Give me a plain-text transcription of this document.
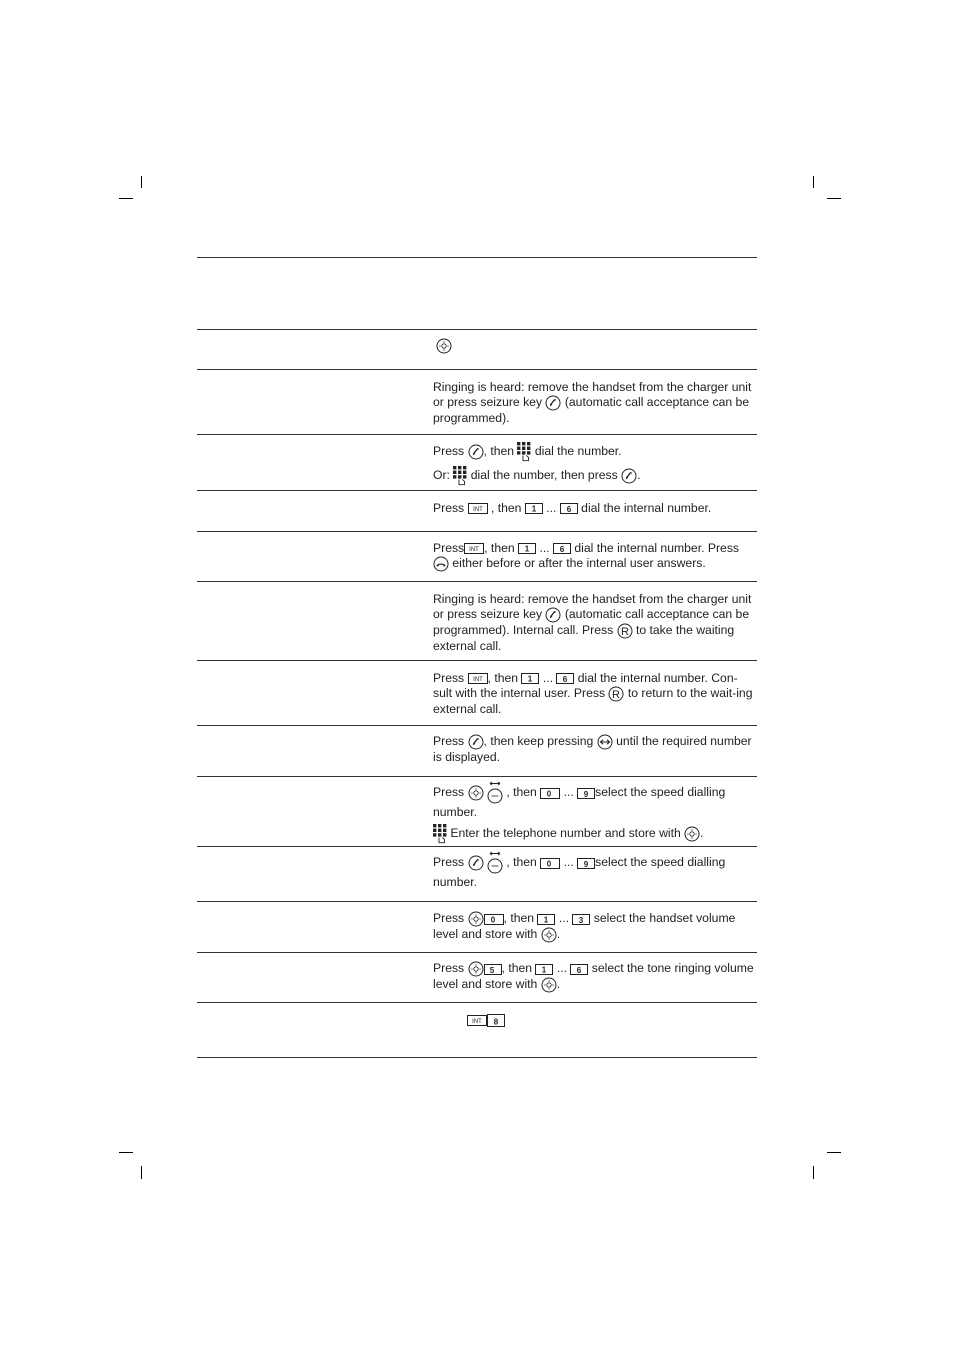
Ringing is heard: remove the handset from the charger unit or press seizure key (automatic call acceptance can be programmed).

Press , then dial the number.

Or: dial the number, then press .

Press INT , then 1 ... 6 dial the internal number.

Press INT , then 1 ... 6 dial the internal number. Press
either before or after the internal user answers.

Ringing is heard: remove the handset from the charger unit or press seizure key (automatic call acceptance can be programmed). Internal call. Press R to take the waiting external call.

Press INT , then 1 ... 6 dial the internal number. Con-sult with the internal user. Press R to return to the wait-ing external call.

Press , then keep pressing until the required number is displayed.

Press
	, then 0 ... 9 select the speed dialling number.

Enter the telephone number and store with .

Press
	, then 0 ... 9 select the speed dialling number.

Press	0 , then 1 ... 3 select the handset volume level and store with .

Press	5 , then 1 ... 6 select the tone ringing volume level and store with .

INT 8
